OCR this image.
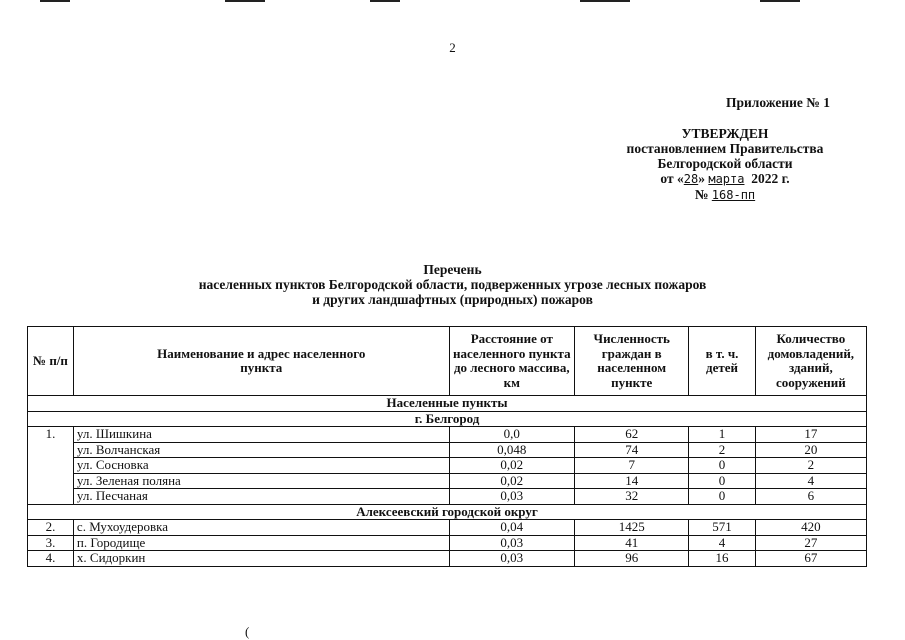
2
Приложение № 1
УТВЕРЖДЕН
постановлением Правительства
Белгородской области
от «28» марта 2022 г.
№ 168-пп
Перечень
населенных пунктов Белгородской области, подверженных угрозе лесных пожаров
и других ландшафтных (природных) пожаров
№ п/п	Наименование и адрес населенного пункта	Расстояние от населенного пункта до лесного массива, км	Численность граждан в населенном пункте	в т. ч. детей	Количество домовладений, зданий, сооружений
Населенные пункты					
г. Белгород					
1.	ул. Шишкина	0,0	62	1	17
	ул. Волчанская	0,048	74	2	20
	ул. Сосновка	0,02	7	0	2
	ул. Зеленая поляна	0,02	14	0	4
	ул. Песчаная	0,03	32	0	6
Алексеевский городской округ					
2.	с. Мухоудеровка	0,04	1425	571	420
3.	п. Городище	0,03	41	4	27
4.	х. Сидоркин	0,03	96	16	67
(
